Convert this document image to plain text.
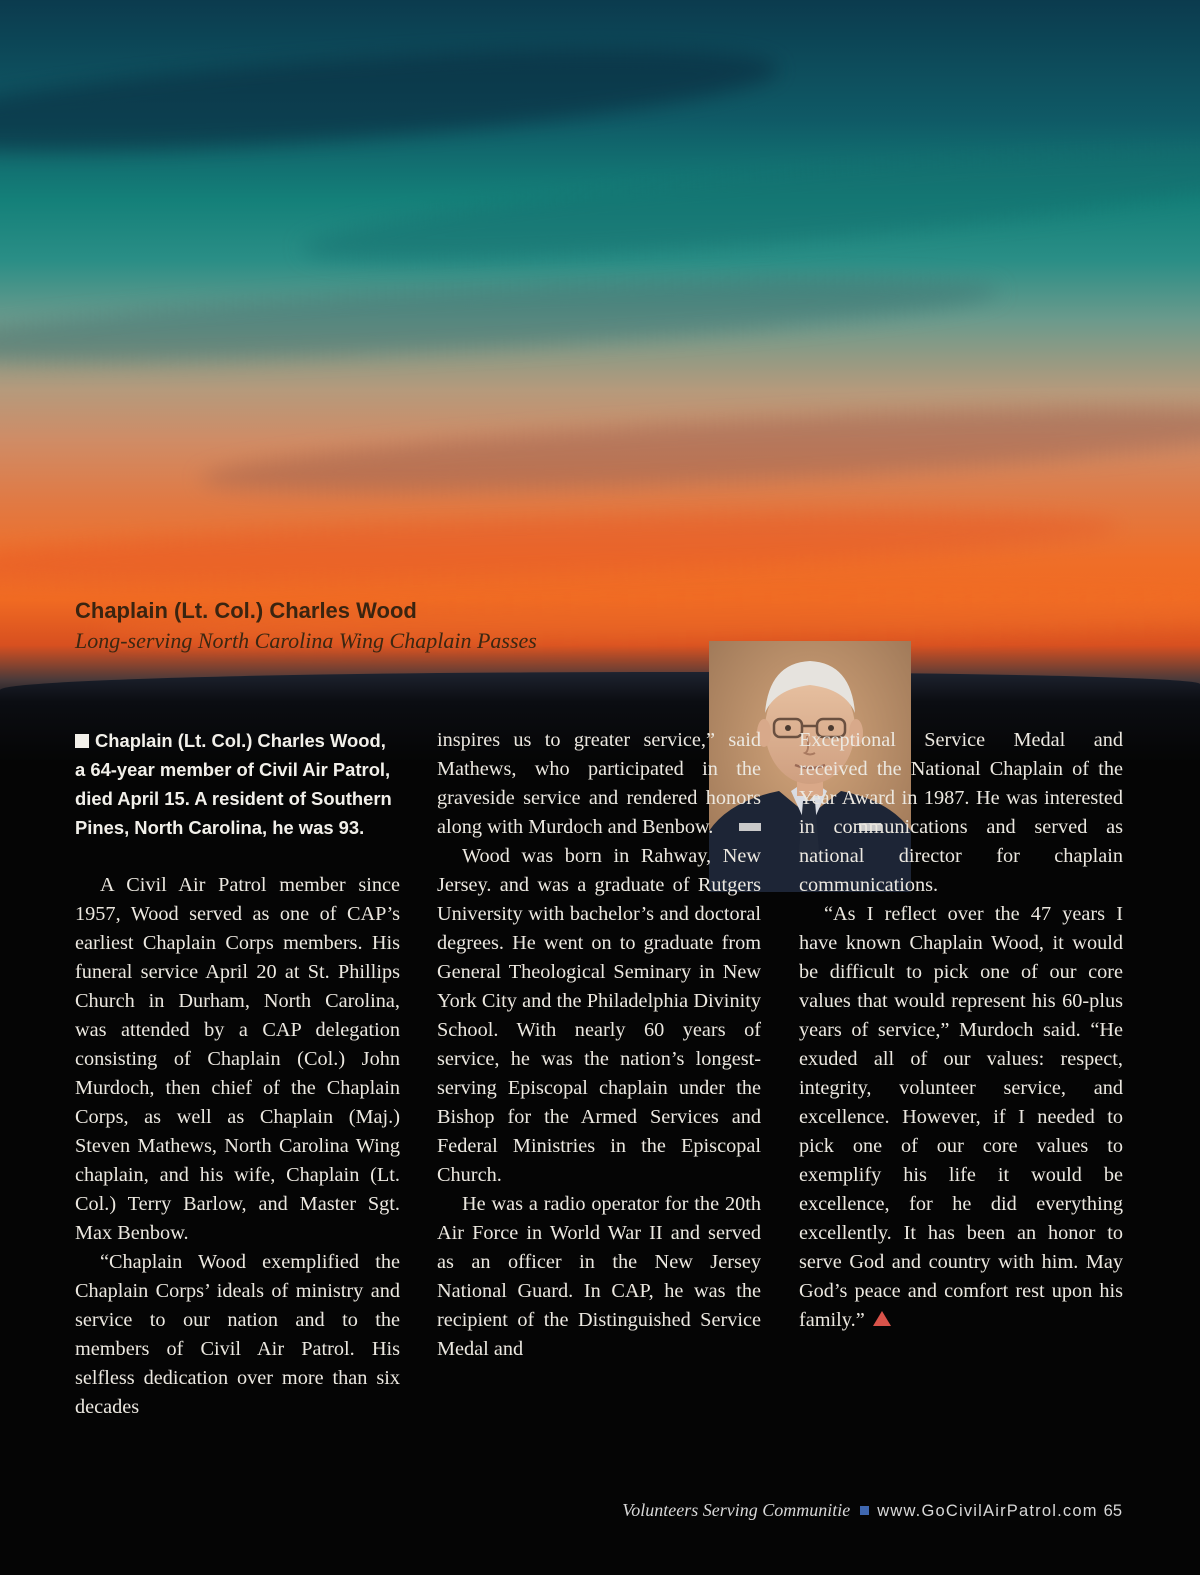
Chaplain (Lt. Col.) Charles Wood
Long-serving North Carolina Wing Chaplain Passes

Chaplain (Lt. Col.) Charles Wood, a 64-year member of Civil Air Patrol, died April 15. A resident of Southern Pines, North Carolina, he was 93.

A Civil Air Patrol member since 1957, Wood served as one of CAP’s earliest Chaplain Corps members. His funeral service April 20 at St. Phillips Church in Durham, North Carolina, was attended by a CAP delegation consisting of Chaplain (Col.) John Murdoch, then chief of the Chaplain Corps, as well as Chaplain (Maj.) Steven Mathews, North Carolina Wing chaplain, and his wife, Chaplain (Lt. Col.) Terry Barlow, and Master Sgt. Max Benbow.

“Chaplain Wood exemplified the Chaplain Corps’ ideals of ministry and service to our nation and to the members of Civil Air Patrol. His selfless dedication over more than six decades

inspires us to greater service,” said Mathews, who participated in the graveside service and rendered honors along with Murdoch and Benbow.

Wood was born in Rahway, New Jersey. and was a graduate of Rutgers University with bachelor’s and doctoral degrees. He went on to graduate from General Theological Seminary in New York City and the Philadelphia Divinity School. With nearly 60 years of service, he was the nation’s longest-serving Episcopal chaplain under the Bishop for the Armed Services and Federal Ministries in the Episcopal Church.

He was a radio operator for the 20th Air Force in World War II and served as an officer in the New Jersey National Guard. In CAP, he was the recipient of the Distinguished Service Medal and

Exceptional Service Medal and received the National Chaplain of the Year Award in 1987. He was interested in communications and served as national director for chaplain communications.

“As I reflect over the 47 years I have known Chaplain Wood, it would be difficult to pick one of our core values that would represent his 60-plus years of service,” Murdoch said. “He exuded all of our values: respect, integrity, volunteer service, and excellence. However, if I needed to pick one of our core values to exemplify his life it would be excellence, for he did everything excellently. It has been an honor to serve God and country with him. May God’s peace and comfort rest upon his family.”

Volunteers Serving Communitie www.GoCivilAirPatrol.com 65
